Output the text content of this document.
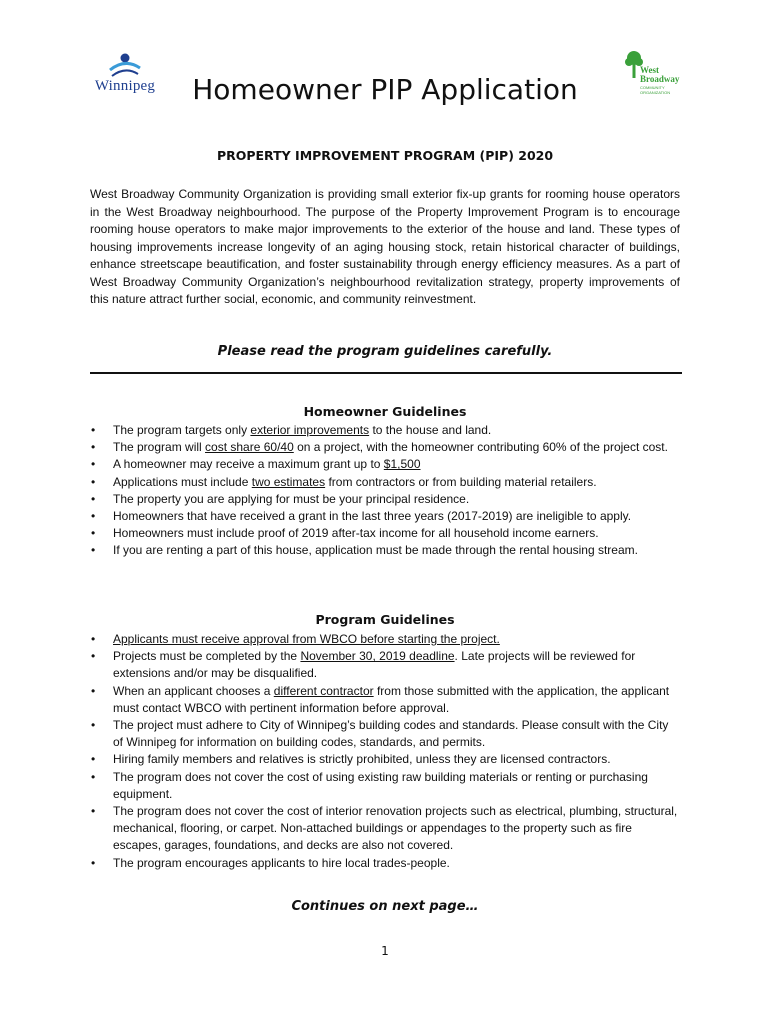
Winnipeg
West
Broadway
COMMUNITY ORGANIZATION
Homeowner PIP Application
PROPERTY IMPROVEMENT PROGRAM (PIP) 2020

West Broadway Community Organization is providing small exterior fix-up grants for rooming house operators in the West Broadway neighbourhood. The purpose of the Property Improvement Program is to encourage rooming house operators to make major improvements to the exterior of the house and land. These types of housing improvements increase longevity of an aging housing stock, retain historical character of buildings, enhance streetscape beautification, and foster sustainability through energy efficiency measures. As a part of West Broadway Community Organization’s neighbourhood revitalization strategy, property improvements of this nature attract further social, economic, and community reinvestment.

Please read the program guidelines carefully.
Homeowner Guidelines
• The program targets only exterior improvements to the house and land.
• The program will cost share 60/40 on a project, with the homeowner contributing 60% of the project cost.
• A homeowner may receive a maximum grant up to $1,500
• Applications must include two estimates from contractors or from building material retailers.
• The property you are applying for must be your principal residence.
• Homeowners that have received a grant in the last three years (2017-2019) are ineligible to apply.
• Homeowners must include proof of 2019 after-tax income for all household income earners.
• If you are renting a part of this house, application must be made through the rental housing stream.
Program Guidelines
• Applicants must receive approval from WBCO before starting the project.
• Projects must be completed by the November 30, 2019 deadline. Late projects will be reviewed for extensions and/or may be disqualified.
• When an applicant chooses a different contractor from those submitted with the application, the applicant must contact WBCO with pertinent information before approval.
• The project must adhere to City of Winnipeg’s building codes and standards. Please consult with the City of Winnipeg for information on building codes, standards, and permits.
• Hiring family members and relatives is strictly prohibited, unless they are licensed contractors.
• The program does not cover the cost of using existing raw building materials or renting or purchasing equipment.
• The program does not cover the cost of interior renovation projects such as electrical, plumbing, structural, mechanical, flooring, or carpet. Non-attached buildings or appendages to the property such as fire escapes, garages, foundations, and decks are also not covered.
• The program encourages applicants to hire local trades-people.
Continues on next page…
1
